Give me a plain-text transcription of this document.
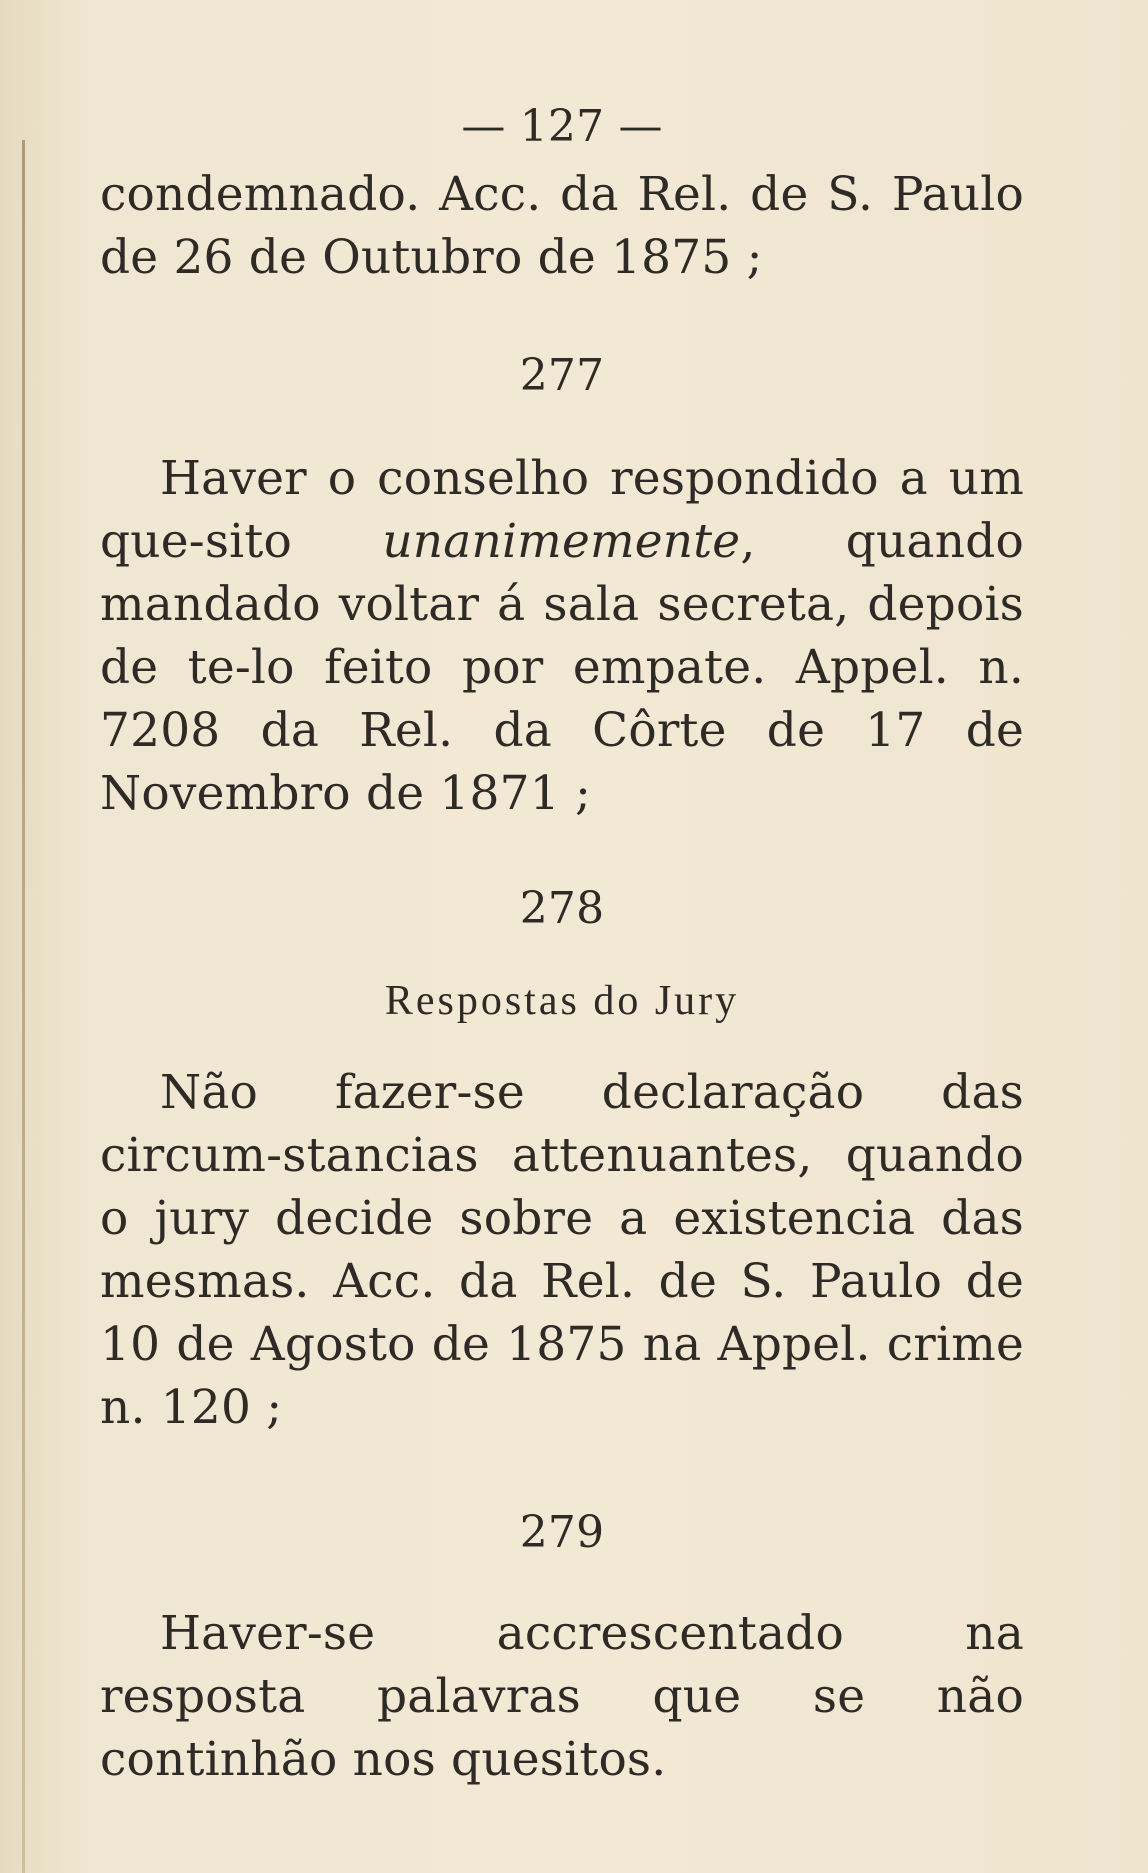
— 127 —
condemnado. Acc. da Rel. de S. Paulo
de 26 de Outubro de 1875 ;
277
Haver o conselho respondido a um que-sito unanimemente, quando mandado voltar á sala secreta, depois de te-lo feito por empate. Appel. n. 7208 da Rel. da Côrte de 17 de Novembro de 1871 ;
278
Respostas do Jury
Não fazer-se declaração das circum-stancias attenuantes, quando o jury decide sobre a existencia das mesmas. Acc. da Rel. de S. Paulo de 10 de Agosto de 1875 na Appel. crime n. 120 ;
279
Haver-se accrescentado na resposta palavras que se não continhão nos quesitos.
